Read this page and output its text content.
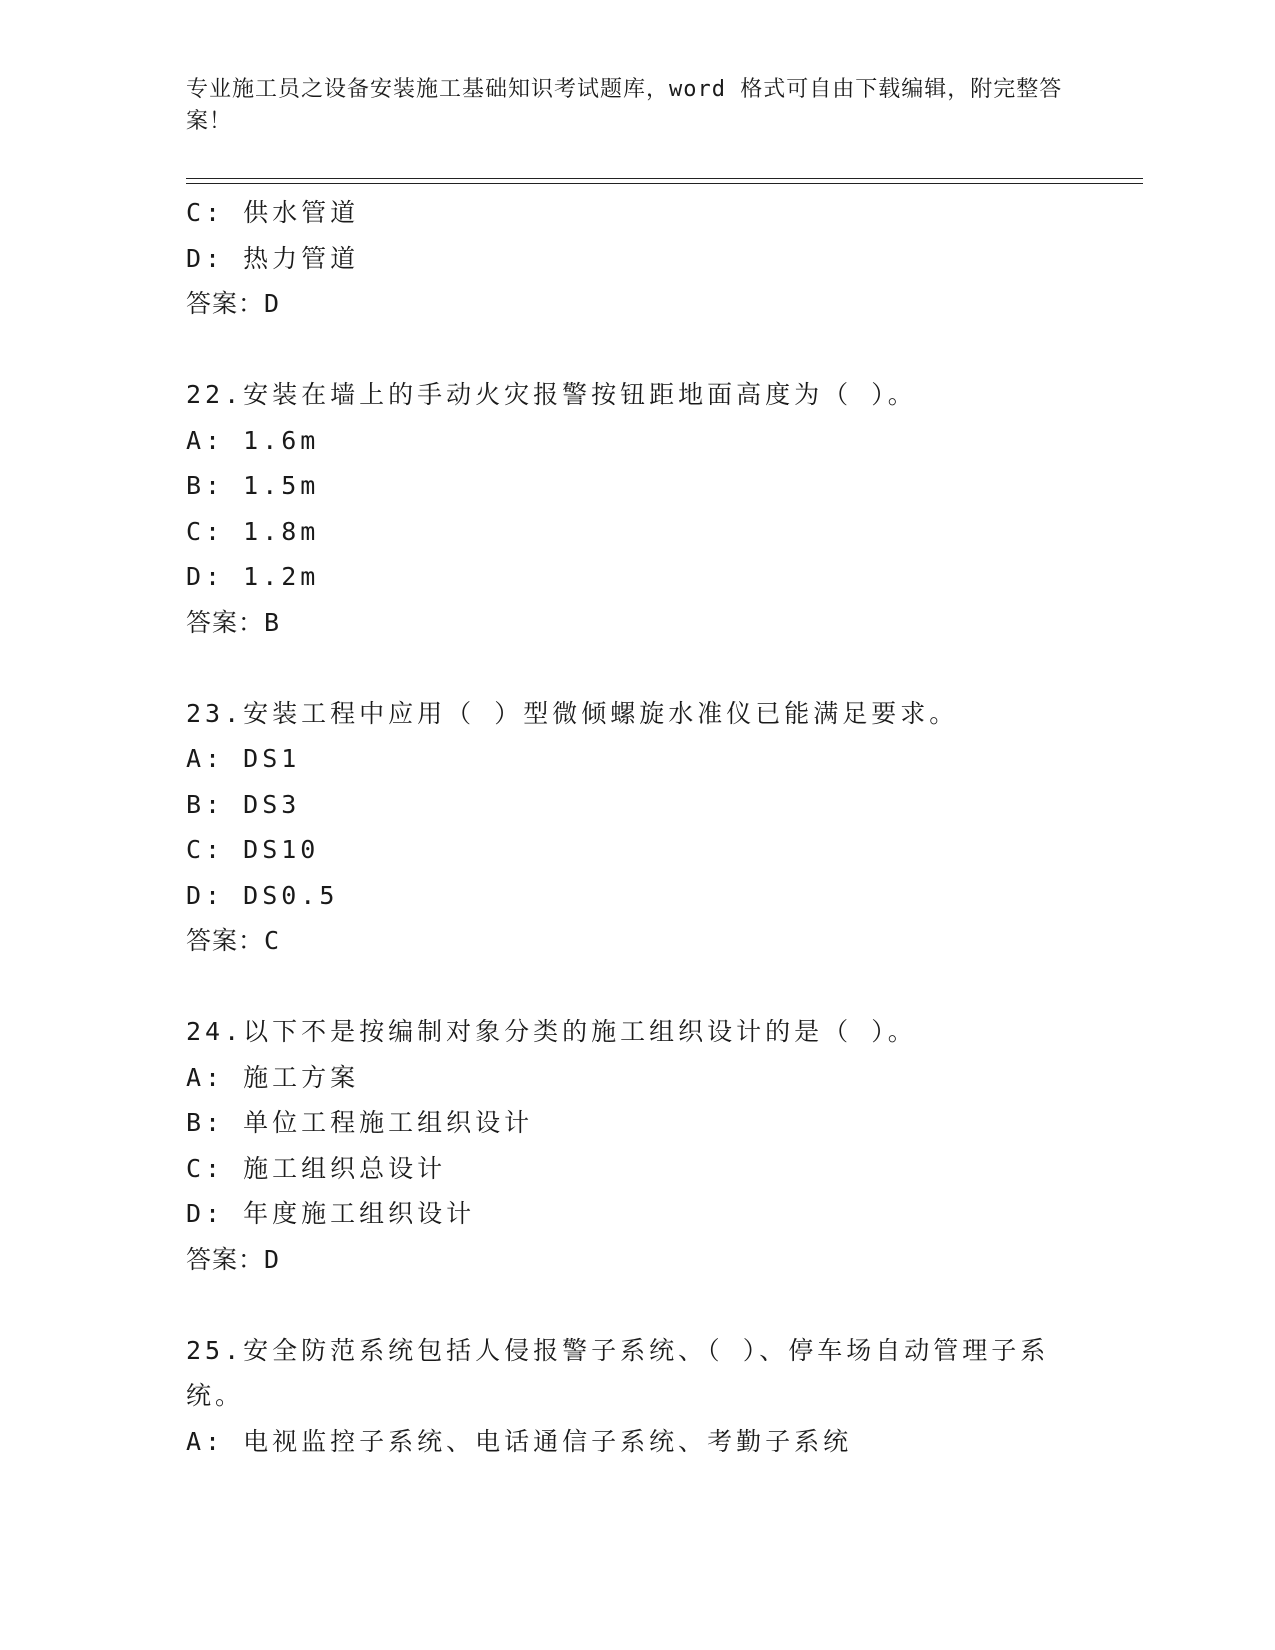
专业施工员之设备安装施工基础知识考试题库，word 格式可自由下载编辑，附完整答案！
C: 供水管道
D: 热力管道
答案：D
22.安装在墙上的手动火灾报警按钮距地面高度为（ ）。
A: 1.6m
B: 1.5m
C: 1.8m
D: 1.2m
答案：B
23.安装工程中应用（ ）型微倾螺旋水准仪已能满足要求。
A: DS1
B: DS3
C: DS10
D: DS0.5
答案：C
24.以下不是按编制对象分类的施工组织设计的是（ ）。
A: 施工方案
B: 单位工程施工组织设计
C: 施工组织总设计
D: 年度施工组织设计
答案：D
25.安全防范系统包括人侵报警子系统、（ ）、停车场自动管理子系统。
A: 电视监控子系统、电话通信子系统、考勤子系统
